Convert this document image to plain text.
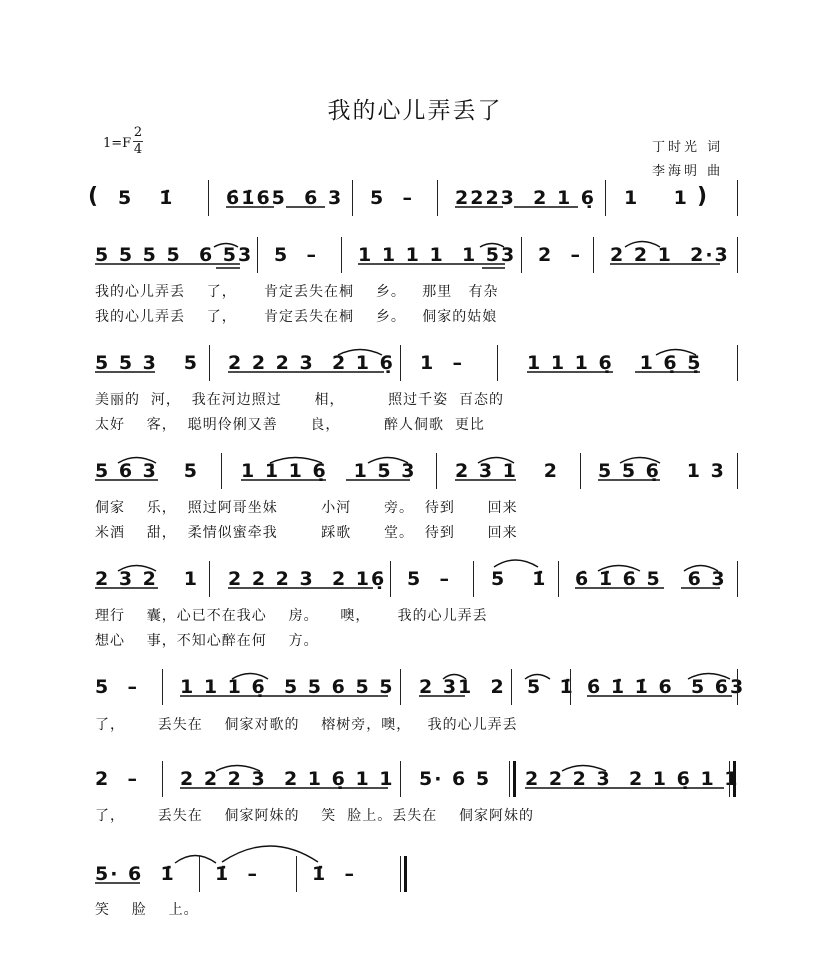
我的心儿弄丢了
1=F
2
4	丁时光 词
李海明 曲
(	)
5   1̇	6̇1̇65  6 3 5  – 2223  2 1 6̣ 1    1
5 5 5 5  6 53 5  – 1 1 1 1  1 53 2  – 2 2 1  2·3
我的心儿弄丢    了，     肯定丢失在桐    乡。   那里   有杂
我的心儿弄丢    了，     肯定丢失在桐    乡。   侗家的姑娘
5 5 3   5 2 2 2 3  2 1 6̣ 1  –	1 1 1 6̣   1 6̣ 5̣
美丽的  河，  我在河边照过      相，        照过千姿  百态的
太好    客，  聪明伶俐又善      良，        醉人侗歌  更比
5 6 3   5 1 1 1 6̣   1 5 3 2 3 1   2 5 5 6̣   1 3
侗家    乐，  照过阿哥坐妹        小河      旁。  待到      回来
米酒    甜，  柔情似蜜牵我        踩歌      堂。  待到      回来
2 3 2   1 2 2 2 3  2 16̣ 5  – 5   1̇ 6̇ 1̇ 6 5   6 3
理行    囊，心已不在我心    房。    噢，     我的心儿弄丢
想心    事，不知心醉在何    方。
5  – 1 1 1 6̣  5 5 6 5 5 2 31  2 5  1̇ 6̇ 1̇ 1̇ 6  5 63
了，      丢失在    侗家对歌的    榕树旁，噢，   我的心儿弄丢
2  – 2 2 2 3  2 1 6̣ 1 1 5· 6 5 2 2 2 3  2 1 6̣ 1 1
了，      丢失在    侗家阿妹的    笑  脸上。丢失在    侗家阿妹的
5· 6  1̇ 1̇  –	1̇  –
笑    脸    上。
